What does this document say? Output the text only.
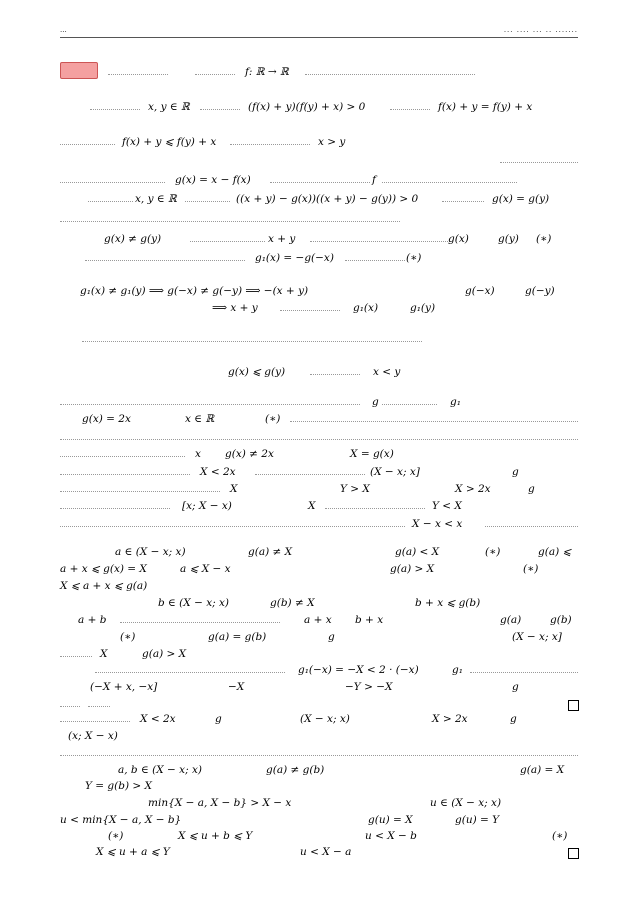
...	... .... ... .. .......
f: ℝ → ℝ
x, y ∈ ℝ	(f(x) + y)(f(y) + x) > 0	f(x) + y = f(y) + x
f(x) + y ⩽ f(y) + x	x > y
g(x) = x − f(x)	f
x, y ∈ ℝ	((x + y) − g(x))((x + y) − g(y)) > 0	g(x) = g(y)
g(x) ≠ g(y)	x + y	g(x)	g(y) (∗)
g₁(x) = −g(−x)	(∗)
g₁(x) ≠ g₁(y) ⟹ g(−x) ≠ g(−y) ⟹ −(x + y)	g(−x)	g(−y)
⟹ x + y	g₁(x)	g₁(y)
g(x) ⩽ g(y)	x < y
g	g₁
g(x) = 2x	x ∈ ℝ	(∗)
x g(x) ≠ 2x	X = g(x)
X < 2x	(X − x; x]	g
X	Y > X	X > 2x	g
[x; X − x)	X	Y < X
X − x < x
a ∈ (X − x; x)	g(a) ≠ X	g(a) < X	(∗)	g(a) ⩽
a + x ⩽ g(x) = X	a ⩽ X − x	g(a) > X	(∗)
X ⩽ a + x ⩽ g(a)
b ∈ (X − x; x)	g(b) ≠ X	b + x ⩽ g(b)
a + b	a + x b + x	g(a)	g(b)
(∗)	g(a) = g(b)	g	(X − x; x]
X	g(a) > X
g₁(−x) = −X < 2 · (−x)	g₁
(−X + x, −x]	−X	−Y > −X	g
X < 2x	g	(X − x; x)	X > 2x	g
(x; X − x)
a, b ∈ (X − x; x)	g(a) ≠ g(b)	g(a) = X
Y = g(b) > X
min{X − a, X − b} > X − x	u ∈ (X − x; x)
u < min{X − a, X − b}	g(u) = X	g(u) = Y
(∗)	X ⩽ u + b ⩽ Y	u < X − b	(∗)
X ⩽ u + a ⩽ Y	u < X − a
